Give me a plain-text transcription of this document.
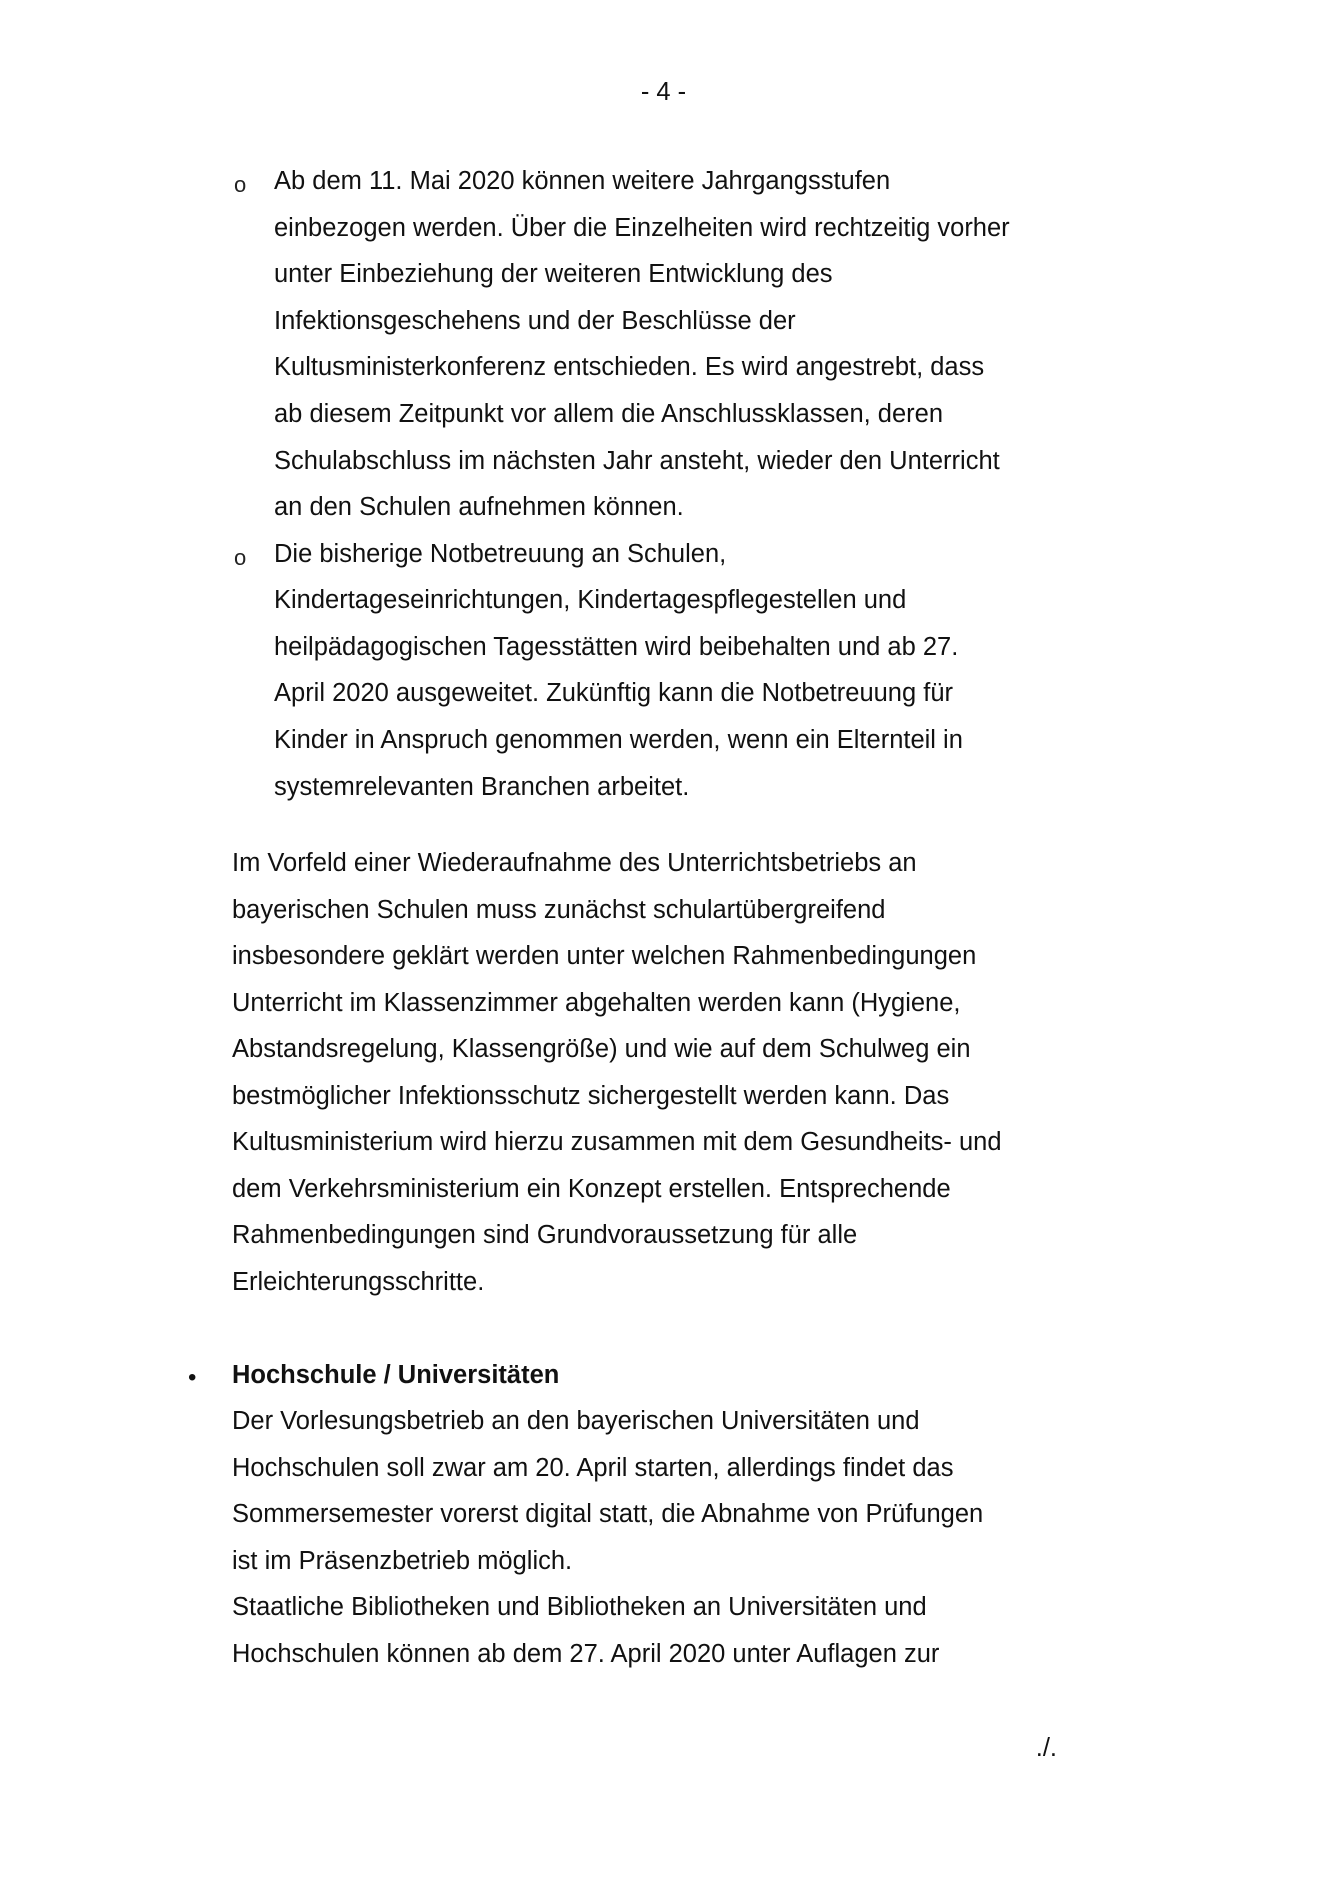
- 4 -
o Ab dem 11. Mai 2020 können weitere Jahrgangsstufen
einbezogen werden. Über die Einzelheiten wird rechtzeitig vorher
unter Einbeziehung der weiteren Entwicklung des
Infektionsgeschehens und der Beschlüsse der
Kultusministerkonferenz entschieden. Es wird angestrebt, dass
ab diesem Zeitpunkt vor allem die Anschlussklassen, deren
Schulabschluss im nächsten Jahr ansteht, wieder den Unterricht
an den Schulen aufnehmen können.
o Die bisherige Notbetreuung an Schulen,
Kindertageseinrichtungen, Kindertagespflegestellen und
heilpädagogischen Tagesstätten wird beibehalten und ab 27.
April 2020 ausgeweitet. Zukünftig kann die Notbetreuung für
Kinder in Anspruch genommen werden, wenn ein Elternteil in
systemrelevanten Branchen arbeitet.
Im Vorfeld einer Wiederaufnahme des Unterrichtsbetriebs an
bayerischen Schulen muss zunächst schulartübergreifend
insbesondere geklärt werden unter welchen Rahmenbedingungen
Unterricht im Klassenzimmer abgehalten werden kann (Hygiene,
Abstandsregelung, Klassengröße) und wie auf dem Schulweg ein
bestmöglicher Infektionsschutz sichergestellt werden kann. Das
Kultusministerium wird hierzu zusammen mit dem Gesundheits- und
dem Verkehrsministerium ein Konzept erstellen. Entsprechende
Rahmenbedingungen sind Grundvoraussetzung für alle
Erleichterungsschritte.
• Hochschule / Universitäten
Der Vorlesungsbetrieb an den bayerischen Universitäten und
Hochschulen soll zwar am 20. April starten, allerdings findet das
Sommersemester vorerst digital statt, die Abnahme von Prüfungen
ist im Präsenzbetrieb möglich.
Staatliche Bibliotheken und Bibliotheken an Universitäten und
Hochschulen können ab dem 27. April 2020 unter Auflagen zur
./.
